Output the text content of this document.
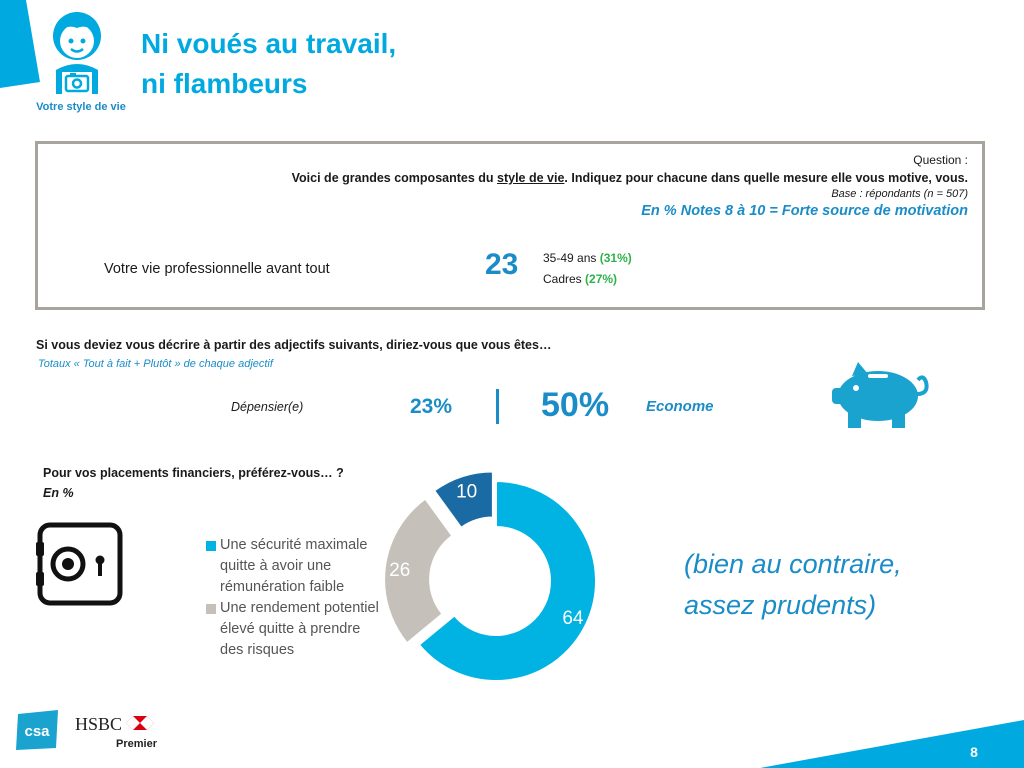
Votre style de vie
Ni voués au travail,
ni flambeurs
Question :
Voici de grandes composantes du style de vie. Indiquez pour chacune dans quelle mesure elle vous motive, vous.
Base : répondants (n = 507)
En % Notes 8 à 10 = Forte source de motivation
Votre vie professionnelle avant tout	23 35-49 ans (31%)
Cadres (27%)
Si vous deviez vous décrire à partir des adjectifs suivants, diriez-vous que vous êtes…
Totaux « Tout à fait + Plutôt » de chaque adjectif
Dépensier(e)	23%	50% Econome
Pour vos placements financiers, préférez-vous… ?
En %
Une sécurité maximale quitte à avoir une rémunération faible
Une rendement potentiel élevé quitte à prendre des risques
64
26
10
(bien au contraire,
assez prudents)
csa HSBC
Premier	8
